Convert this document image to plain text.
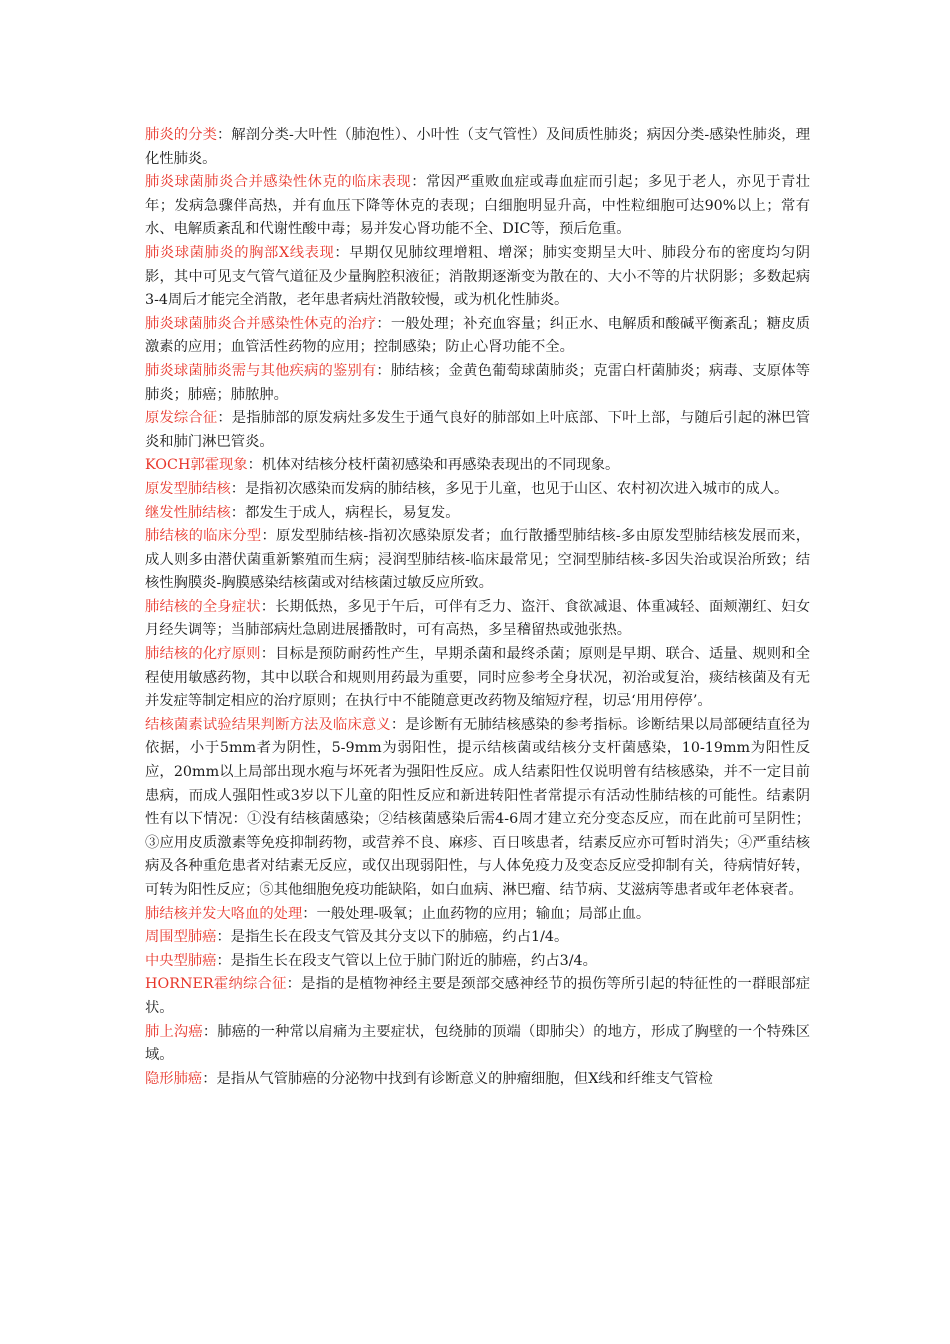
肺炎的分类：解剖分类-大叶性（肺泡性）、小叶性（支气管性）及间质性肺炎；病因分类-感染性肺炎，理化性肺炎。

肺炎球菌肺炎合并感染性休克的临床表现：常因严重败血症或毒血症而引起；多见于老人，亦见于青壮年；发病急骤伴高热，并有血压下降等休克的表现；白细胞明显升高，中性粒细胞可达90%以上；常有水、电解质紊乱和代谢性酸中毒；易并发心肾功能不全、DIC等，预后危重。

肺炎球菌肺炎的胸部X线表现：早期仅见肺纹理增粗、增深；肺实变期呈大叶、肺段分布的密度均匀阴影，其中可见支气管气道征及少量胸腔积液征；消散期逐渐变为散在的、大小不等的片状阴影；多数起病3-4周后才能完全消散，老年患者病灶消散较慢，或为机化性肺炎。

肺炎球菌肺炎合并感染性休克的治疗：一般处理；补充血容量；纠正水、电解质和酸碱平衡紊乱；糖皮质激素的应用；血管活性药物的应用；控制感染；防止心肾功能不全。

肺炎球菌肺炎需与其他疾病的鉴别有：肺结核；金黄色葡萄球菌肺炎；克雷白杆菌肺炎；病毒、支原体等肺炎；肺癌；肺脓肿。

原发综合征：是指肺部的原发病灶多发生于通气良好的肺部如上叶底部、下叶上部，与随后引起的淋巴管炎和肺门淋巴管炎。

KOCH郭霍现象：机体对结核分枝杆菌初感染和再感染表现出的不同现象。

原发型肺结核：是指初次感染而发病的肺结核，多见于儿童，也见于山区、农村初次进入城市的成人。

继发性肺结核：都发生于成人，病程长，易复发。

肺结核的临床分型：原发型肺结核-指初次感染原发者；血行散播型肺结核-多由原发型肺结核发展而来，成人则多由潜伏菌重新繁殖而生病；浸润型肺结核-临床最常见；空洞型肺结核-多因失治或误治所致；结核性胸膜炎-胸膜感染结核菌或对结核菌过敏反应所致。

肺结核的全身症状：长期低热，多见于午后，可伴有乏力、盗汗、食欲减退、体重减轻、面颊潮红、妇女月经失调等；当肺部病灶急剧进展播散时，可有高热，多呈稽留热或弛张热。

肺结核的化疗原则：目标是预防耐药性产生，早期杀菌和最终杀菌；原则是早期、联合、适量、规则和全程使用敏感药物，其中以联合和规则用药最为重要，同时应参考全身状况，初治或复治，痰结核菌及有无并发症等制定相应的治疗原则；在执行中不能随意更改药物及缩短疗程，切忌‘用用停停’。

结核菌素试验结果判断方法及临床意义：是诊断有无肺结核感染的参考指标。诊断结果以局部硬结直径为依据，小于5mm者为阴性，5-9mm为弱阳性，提示结核菌或结核分支杆菌感染，10-19mm为阳性反应，20mm以上局部出现水疱与坏死者为强阳性反应。成人结素阳性仅说明曾有结核感染，并不一定目前患病，而成人强阳性或3岁以下儿童的阳性反应和新进转阳性者常提示有活动性肺结核的可能性。结素阴性有以下情况：①没有结核菌感染；②结核菌感染后需4-6周才建立充分变态反应，而在此前可呈阴性；③应用皮质激素等免疫抑制药物，或营养不良、麻疹、百日咳患者，结素反应亦可暂时消失；④严重结核病及各种重危患者对结素无反应，或仅出现弱阳性，与人体免疫力及变态反应受抑制有关，待病情好转，可转为阳性反应；⑤其他细胞免疫功能缺陷，如白血病、淋巴瘤、结节病、艾滋病等患者或年老体衰者。

肺结核并发大咯血的处理：一般处理-吸氧；止血药物的应用；输血；局部止血。

周围型肺癌：是指生长在段支气管及其分支以下的肺癌，约占1/4。

中央型肺癌：是指生长在段支气管以上位于肺门附近的肺癌，约占3/4。

HORNER霍纳综合征：是指的是植物神经主要是颈部交感神经节的损伤等所引起的特征性的一群眼部症状。

肺上沟癌：肺癌的一种常以肩痛为主要症状，包绕肺的顶端（即肺尖）的地方，形成了胸壁的一个特殊区域。

隐形肺癌：是指从气管肺癌的分泌物中找到有诊断意义的肿瘤细胞，但X线和纤维支气管检
